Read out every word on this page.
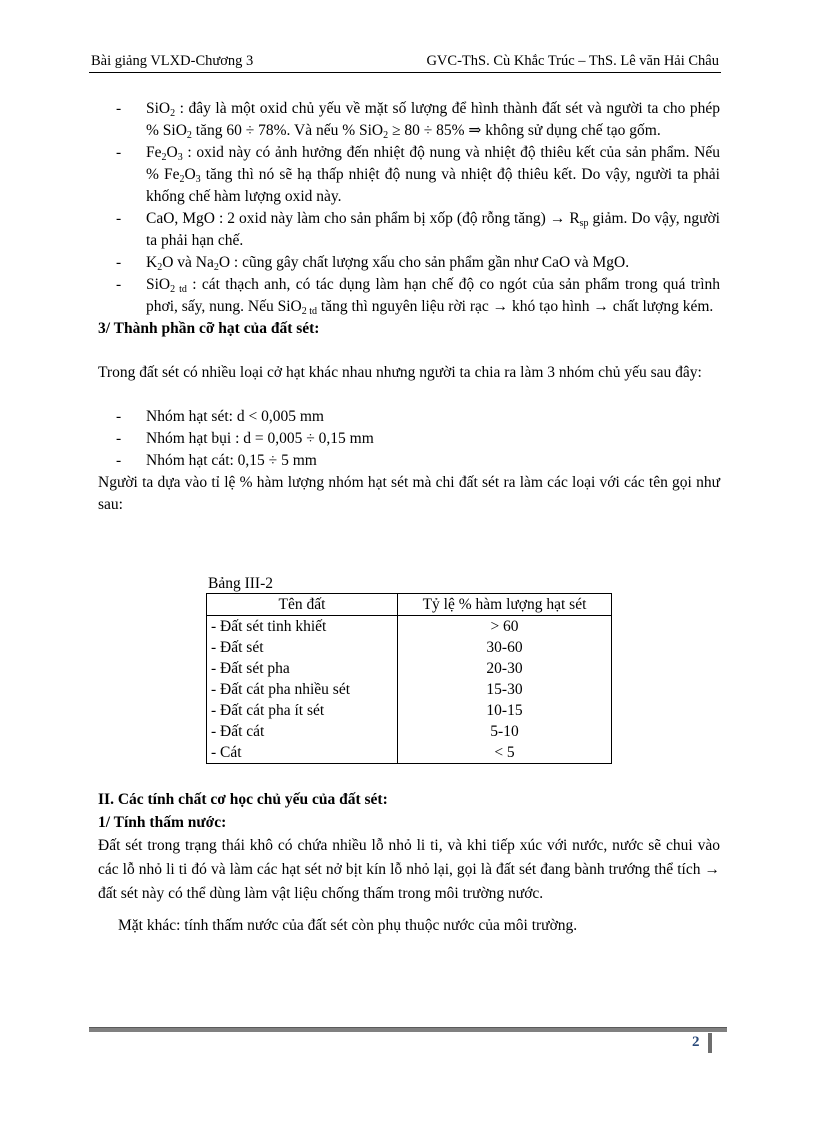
Bài giảng VLXD-Chương 3	GVC-ThS. Cù Khắc Trúc – ThS. Lê văn Hải Châu
- SiO$_2$ : đây là một oxid chủ yếu về mặt số lượng để hình thành đất sét và người ta cho phép % SiO$_2$ tăng 60 ÷ 78%. Và nếu % SiO$_2$ ≥ 80 ÷ 85% ⇒ không sử dụng chế tạo gốm.
- $Fe_2O_3$ : oxid này có ảnh hưởng đến nhiệt độ nung và nhiệt độ thiêu kết của sản phẩm. Nếu % $Fe_2O_3$ tăng thì nó sẽ hạ thấp nhiệt độ nung và nhiệt độ thiêu kết. Do vậy, người ta phải khống chế hàm lượng oxid này.
- CaO, MgO : 2 oxid này làm cho sản phẩm bị xốp (độ rỗng tăng) → $R_{sp}$ giảm. Do vậy, người ta phải hạn chế.
- $K_2O$ và $Na_2O$ : cũng gây chất lượng xấu cho sản phẩm gần như CaO và MgO.
- SiO$_{2 td}$ : cát thạch anh, có tác dụng làm hạn chế độ co ngót của sản phẩm trong quá trình phơi, sấy, nung. Nếu SiO$_{2 td}$ tăng thì nguyên liệu rời rạc → khó tạo hình → chất lượng kém.
3/ Thành phần cỡ hạt của đất sét:
Trong đất sét có nhiều loại cở hạt khác nhau nhưng người ta chia ra làm 3 nhóm chủ yếu sau đây:
- Nhóm hạt sét: d < 0,005 mm
- Nhóm hạt bụi : d = 0,005 ÷ 0,15 mm
- Nhóm hạt cát: 0,15 ÷ 5 mm
Người ta dựa vào tỉ lệ % hàm lượng nhóm hạt sét mà chi đất sét ra làm các loại với các tên gọi như sau:
Bảng III-2
Tên đất	Tỷ lệ % hàm lượng hạt sét
- Đất sét tinh khiết	> 60
- Đất sét	30-60
- Đất sét pha	20-30
- Đất cát pha nhiều sét	15-30
- Đất cát pha ít sét	10-15
- Đất cát	5-10
- Cát	< 5
II. Các tính chất cơ học chủ yếu của đất sét:
1/ Tính thấm nước:
Đất sét trong trạng thái khô có chứa nhiều lỗ nhỏ li ti, và khi tiếp xúc với nước, nước sẽ chui vào các lỗ nhỏ li ti đó và làm các hạt sét nở bịt kín lỗ nhỏ lại, gọi là đất sét đang bành trướng thể tích → đất sét này có thể dùng làm vật liệu chống thấm trong môi trường nước.
Mặt khác: tính thấm nước của đất sét còn phụ thuộc nước của môi trường.
2
